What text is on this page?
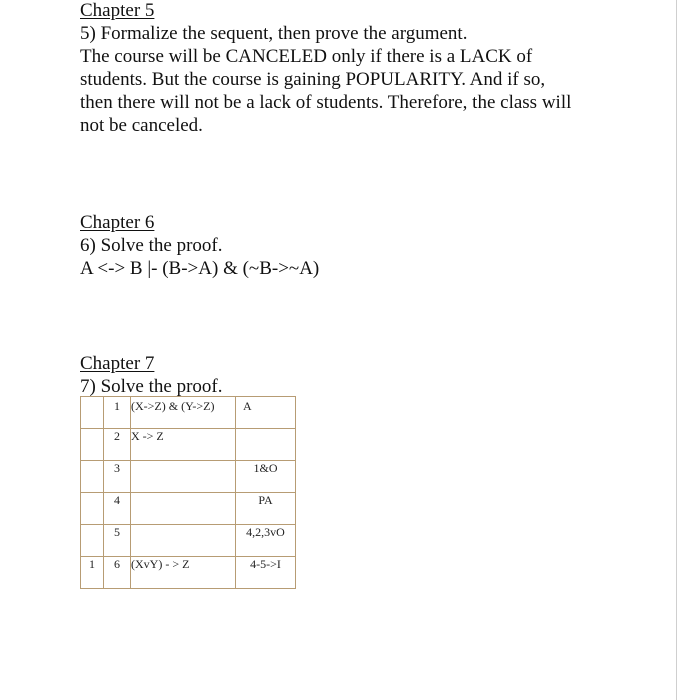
Chapter 5
5) Formalize the sequent, then prove the argument.
The course will be CANCELED only if there is a LACK of
students. But the course is gaining POPULARITY. And if so,
then there will not be a lack of students. Therefore, the class will
not be canceled.
Chapter 6
6) Solve the proof.
A <-> B |- (B->A) & (~B->~A)
Chapter 7
7) Solve the proof.
	1	(X->Z) & (Y->Z)	A
	2	X -> Z	
	3		1&O
	4		PA
	5		4,2,3vO
1	6	(XvY) - > Z	4-5->I
